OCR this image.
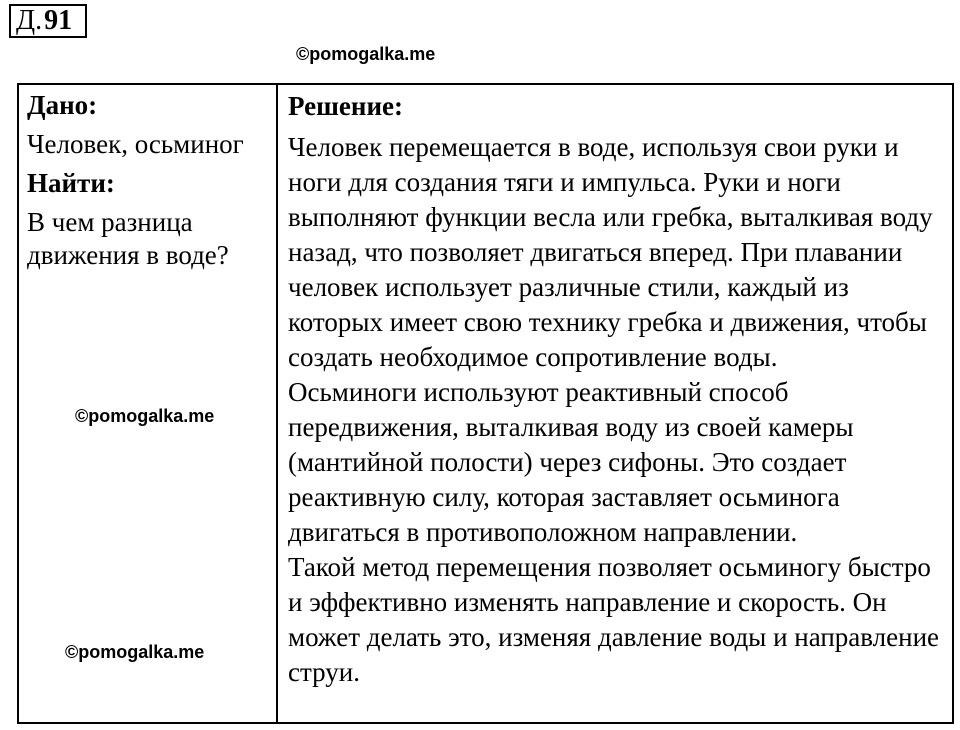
Д. 91
©pomogalka.me

Дано:

Человек, осьминог

Найти:

В чем разница движения в воде?

Решение:

Человек перемещается в воде, используя свои руки и ноги для создания тяги и импульса. Руки и ноги выполняют функции весла или гребка, выталкивая воду назад, что позволяет двигаться вперед. При плавании человек использует различные стили, каждый из которых имеет свою технику гребка и движения, чтобы создать необходимое сопротивление воды.

Осьминоги используют реактивный способ передвижения, выталкивая воду из своей камеры (мантийной полости) через сифоны. Это создает реактивную силу, которая заставляет осьминога двигаться в противоположном направлении.

Такой метод перемещения позволяет осьминогу быстро и эффективно изменять направление и скорость. Он может делать это, изменяя давление воды и направление струи.

©pomogalka.me
©pomogalka.me
